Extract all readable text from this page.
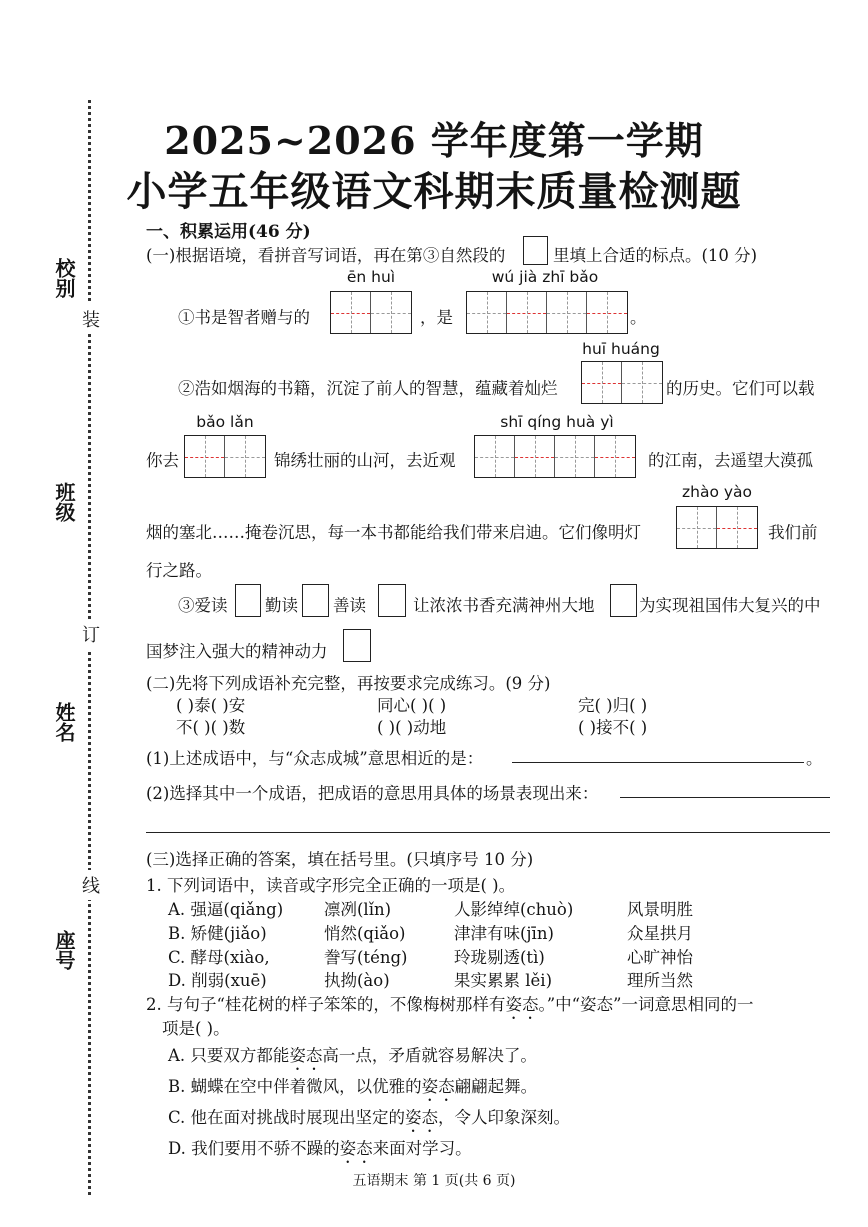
校别
班级
姓名
座号
装
订
线
2025~2026 学年度第一学期
小学五年级语文科期末质量检测题
一、积累运用(46 分)
(一)根据语境，看拼音写词语，再在第③自然段的	里填上合适的标点。(10 分)
ēn huì	wú jià zhī bǎo
①书是智者赠与的	，是	。
huī huáng
②浩如烟海的书籍，沉淀了前人的智慧，蕴藏着灿烂	的历史。它们可以载
bǎo lǎn	shī qíng huà yì
你去	锦绣壮丽的山河，去近观	的江南，去遥望大漠孤
zhào yào
烟的塞北……掩卷沉思，每一本书都能给我们带来启迪。它们像明灯	我们前
行之路。
③爱读 勤读 善读	让浓浓书香充满神州大地	为实现祖国伟大复兴的中
国梦注入强大的精神动力
(二)先将下列成语补充完整，再按要求完成练习。(9 分)
( )泰( )安	同心( )( )	完( )归( )
不( )( )数	( )( )动地	( )接不( )
(1)上述成语中，与“众志成城”意思相近的是：	。
(2)选择其中一个成语，把成语的意思用具体的场景表现出来：
(三)选择正确的答案，填在括号里。(只填序号 10 分)
1. 下列词语中，读音或字形完全正确的一项是( )。
A. 强逼(qiǎng) 凛冽(lǐn)	人影绰绰(chuò)	风景明胜
B. 矫健(jiǎo)	悄然(qiǎo)	津津有味(jīn)	众星拱月
C. 酵母(xiào,	誊写(téng)	玲珑剔透(tì)	心旷神怡
D. 削弱(xuē)	执拗(ào)	果实累累 lěi)	理所当然
2. 与句子“桂花树的样子笨笨的，不像梅树那样有姿态。”中“姿态”一词意思相同的一
项是( )。
A. 只要双方都能姿态高一点，矛盾就容易解决了。
B. 蝴蝶在空中伴着微风，以优雅的姿态翩翩起舞。
C. 他在面对挑战时展现出坚定的姿态，令人印象深刻。
D. 我们要用不骄不躁的姿态来面对学习。
五语期末 第 1 页(共 6 页)
